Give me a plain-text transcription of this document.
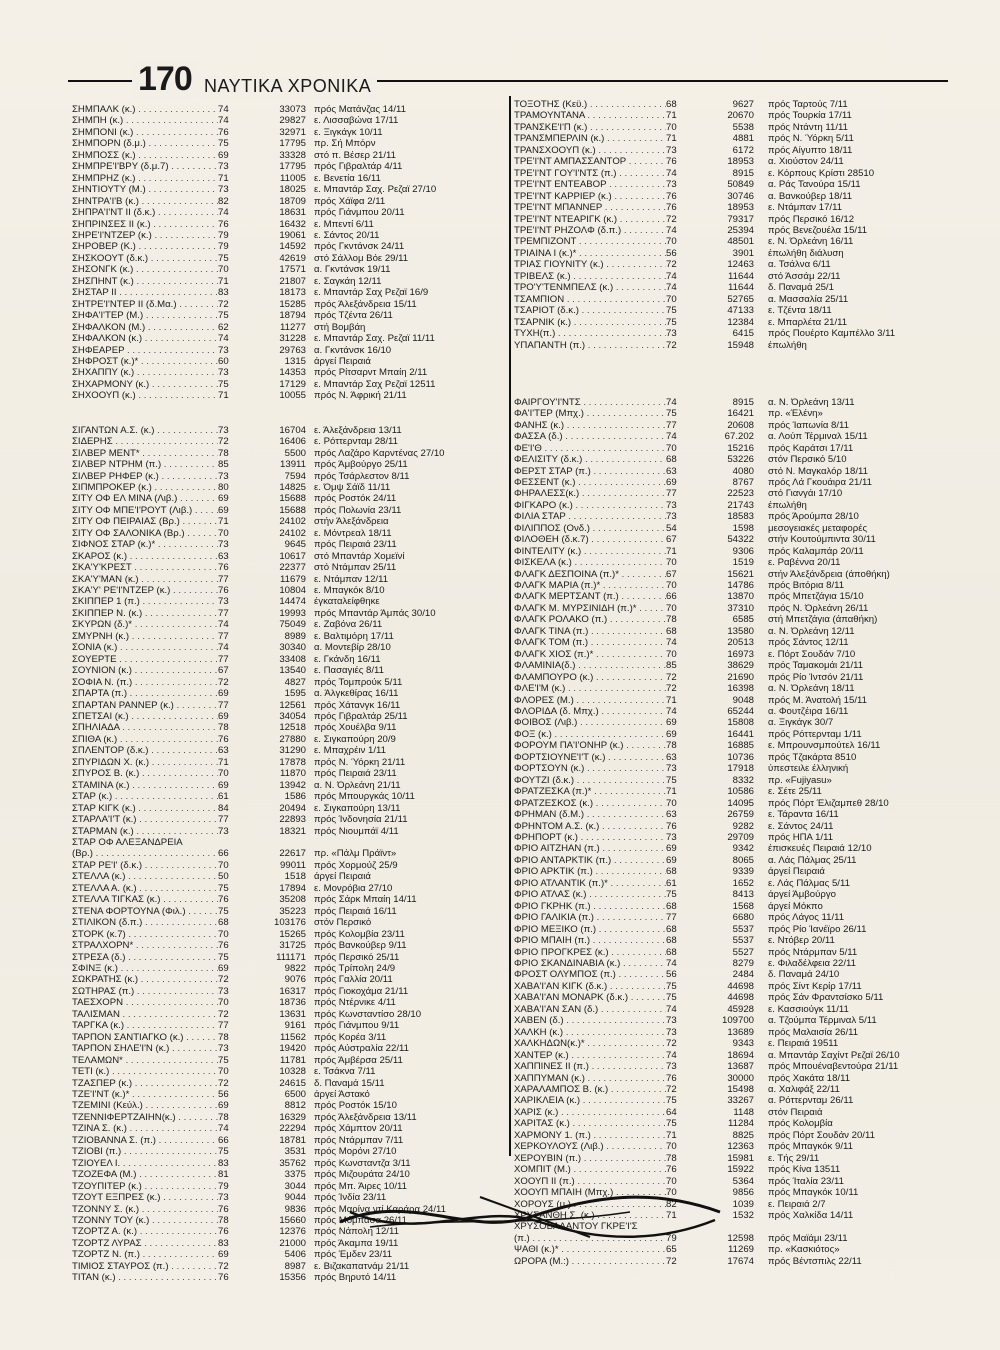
170 ΝΑΥΤΙΚΑ ΧΡΟΝΙΚΑ
ΣΗΜΠΑΛΚ (κ.) . . .	74	33073 πρός Ματάνζας 14/11
ΣΗΜΠΗ (κ.) . . .	74	29827 ε. Λισσαβώνα 17/11
ΣΗΜΠΟΝΙ (κ.) . . .	76	32971 ε. Ξιγκάγκ 10/11
ΣΗΜΠΟΡΝ (δ.μ.) . . .	75	17795 πρ. Σή Μπόρν
ΣΗΜΠΟΣΣ (κ.) . . .	69	33328 στό π. Βέσερ 21/11
ΣΗΜΠΡΕ'Ι'ΒΡΥ (δ.μ.7) . . .	73	17795 πρός Γιβραλτάρ 4/11
ΣΗΜΠΡΗΖ (κ.) . . .	71	11005 ε. Βενετία 16/11
ΣΗΝΤΙΟΥΤΥ (Μ.) . . .	73	18025 ε. Μπαντάρ Σαχ. Ρεζαϊ 27/10
ΣΗΝΤΡΑ'Ι'Β (κ.) . . .	82	18709 πρός Χάϊφα 2/11
ΣΗΠΡΑ'Ι'ΝΤ ΙΙ (δ.κ.) . . .	74	18631 πρός Γιάνμπου 20/11
ΣΗΠΡΙΝΣΕΣ ΙΙ (κ.) . . .	76	16432 ε. Μπεντί 6/11
ΣΗΡΕ'Ι'ΝΤΖΕΡ (κ.) . . .	79	19061 ε. Σάντος 20/11
ΣΗΡΟΒΕΡ (Κ.) . . .	79	14592 πρός Γκντάνσκ 24/11
ΣΗΣΚΟΟΥΤ (δ.κ.) . . .	75	42619 στό Σάλλομ Βόε 29/11
ΣΗΣΟΝΓΚ (κ.) . . .	70	17571 α. Γκντάνσκ 19/11
ΣΗΣΠΗΝΤ (κ.) . . .	71	21807 ε. Σαγκάη 12/11
ΣΗΣΤΑΡ ΙΙ . . .	83	18173 ε. Μπαντάρ Σαχ Ρεζαϊ 16/9
ΣΗΤΡΕ'Ι'ΝΤΕΡ ΙΙ (δ.Μα.) . . .	72	15285 πρός Άλεξάνδρεια 15/11
ΣΗΦΑ'Ι'ΤΕΡ (Μ.) . . .	75	18794 πρός Τζέντα 26/11
ΣΗΦΑΛΚΟΝ (Μ.) . . .	62	11277 στή Βομβάη
ΣΗΦΑΛΚΟΝ (κ.) . . .	74	31228 ε. Μπαντάρ Σαχ. Ρεζαϊ 11/11
ΣΗΦΕΑΡΕΡ . . .	73	29763 α. Γκντάνσκ 16/10
ΣΗΦΡΟΣΤ (κ.)* . . .	60	1315 άργεί Πειραιά
ΣΗΧΑΠΠΥ (κ.) . . .	73	14353 πρός Ρίτσαρντ Μπαίη 2/11
ΣΗΧΑΡΜΟΝΥ (κ.) . . .	75	17129 ε. Μπαντάρ Σαχ Ρεζαϊ 12511
ΣΗΧΟΟΥΠ (κ.) . . .	71	10055 πρός Ν. Άφρική 21/11
ΣΙΓΑΝΤΩΝ Α.Σ. (κ.) . . .	73	16704 ε. Άλεξάνδρεια 13/11
ΣΙΔΕΡΗΣ . . .	72	16406 ε. Ρόττερνταμ 28/11
ΣΙΛΒΕΡ ΜΕΝΤ* . . .	78	5500 πρός Λαζάρο Καρντένας 27/10
ΣΙΛΒΕΡ ΝΤΡΗΜ (π.) . . .	85	13911 πρός Άμβούργο 25/11
ΣΙΛΒΕΡ ΡΗΦΕΡ (κ.) . . .	73	7594 πρός Τσάρλεστον 8/11
ΣΙΠΜΠΡΟΚΕΡ (κ.) . . .	80	14825 ε. Όμψ Σάϊδ 11/11
ΣΙΤΥ ΟΦ ΕΛ ΜΙΝΑ (Λιβ.) . . .	69	15688 πρός Ροστόκ 24/11
ΣΙΤΥ ΟΦ ΜΠΕ'Ι'ΡΟΥΤ (Λιβ.) . . .	69	15688 πρός Πολωνία 23/11
ΣΙΤΥ ΟΦ ΠΕΙΡΑΙΑΣ (Βρ.) . . .	71	24102 στήν Άλεξάνδρεια
ΣΙΤΥ ΟΦ ΣΑΛΟΝΙΚΑ (Βρ.) . . .	70	24102 ε. Μόντρεαλ 18/11
ΣΙΦΝΟΣ ΣΤΑΡ (κ.)* . . .	73	9645 πρός Πειραιά 23/11
ΣΚΑΡΟΣ (κ.) . . .	63	10617 στό Μπαντάρ Χομεϊνί
ΣΚΑ'Υ'ΚΡΕΣΤ . . .	76	22377 στό Ντάμπαν 25/11
ΣΚΑ'Υ'ΜΑΝ (κ.) . . .	77	11679 ε. Ντάμπαν 12/11
ΣΚΑ'Υ' ΡΕ'Ι'ΝΤΖΕΡ (κ.) . . .	76	10804 ε. Μπαγκόκ 8/10
ΣΚΙΠΠΕΡ 1 (π.) . . .	73	14474 έγκαταλείφθηκε
ΣΚΙΠΠΕΡ Ν. (κ.) . . .	77	19993 πρός Μπαντάρ Άμπάς 30/10
ΣΚΥΡΩΝ (δ.)* . . .	74	75049 ε. Ζαβόνα 26/11
ΣΜΥΡΝΗ (κ.) . . .	77	8989 ε. Βαλτιμόρη 17/11
ΣΟΝΙΑ (κ.) . . .	74	30340 α. Μοντεβίρ 28/10
ΣΟΥΕΡΤΕ . . .	77	33408 ε. Γκάνδη 16/11
ΣΟΥΝΙΟΝ (κ.) . . .	67	13540 ε. Πασαγιές 8/11
ΣΟΦΙΑ Ν. (π.) . . .	72	4827 πρός Τομπρούκ 5/11
ΣΠΑΡΤΑ (π.) . . .	69	1595 α. Άλγκεθίρας 16/11
ΣΠΑΡΤΑΝ ΡΑΝΝΕΡ (κ.) . . .	77	12561 πρός Χάτανγκ 16/11
ΣΠΕΤΣΑΙ (κ.) . . .	69	34054 πρός Γιβραλτάρ 25/11
ΣΠΗΛΙΑΔΑ . . .	78	12518 πρός Χουέλβα 9/11
ΣΠΙΘΑ (κ.) . . .	76	27880 ε. Σιγκαπούρη 20/9
ΣΠΛΕΝΤΟΡ (δ.κ.) . . .	63	31290 ε. Μπαχρέιν 1/11
ΣΠΥΡΙΔΩΝ Χ. (κ.) . . .	71	17878 πρός Ν. Ύόρκη 21/11
ΣΠΥΡΟΣ Β. (κ.) . . .	70	11870 πρός Πειραιά 23/11
ΣΤΑΜΙΝΑ (κ.) . . .	69	13942 α. Ν. Όρλεάνη 21/11
ΣΤΑΡ (κ.) . . .	61	1586 πρός Μπουργκάς 10/11
ΣΤΑΡ ΚΙΓΚ (κ.) . . .	84	20494 ε. Σιγκαπούρη 13/11
ΣΤΑΡΛΑ'Ι'Τ (κ.) . . .	77	22893 πρός Ίνδονησία 21/11
ΣΤΑΡΜΑΝ (κ.) . . .	73	18321 πρός Νιουμπάϊ 4/11
ΣΤΑΡ ΟΦ ΑΛΕΞΑΝΔΡΕΙΑ
(Βρ.) . . .	66	22617 πρ. «Πάλμ Πράϊντ»
ΣΤΑΡ ΡΕ'Ι' (δ.κ.) . . .	70	99011 πρός Χορμούζ 25/9
ΣΤΕΛΛΑ (κ.) . . .	50	1518 άργεί Πειραιά
ΣΤΕΛΛΑ Α. (κ.) . . .	75	17894 ε. Μονρόβια 27/10
ΣΤΕΛΛΑ ΤΙΓΚΑΣ (κ.) . . .	76	35208 πρός Σάρκ Μπαίη 14/11
ΣΤΕΝΑ ΦΟΡΤΟΥΝΑ (Φιλ.) . . .	75	35223 πρός Πειραιά 16/11
ΣΤΙΛΙΚΟΝ (δ.π.) . . .	68	103176 στόν Περσικό
ΣΤΟΡΚ (κ.7) . . .	70	15265 πρός Κολομβία 23/11
ΣΤΡΑΛΧΟΡΝ* . . .	76	31725 πρός Βανκούβερ 9/11
ΣΤΡΕΣΑ (δ.) . . .	75	111171 πρός Περσικό 25/11
ΣΦΙΝΞ (κ.) . . .	69	9822 πρός Τρίπολη 24/9
ΣΩΚΡΑΤΗΣ (κ.) . . .	72	9076 πρός Γαλλία 20/11
ΣΩΤΗΡΑΣ (π.) . . .	73	16317 πρός Γιοκοχάμα 21/11
ΤΑΕΣΧΟΡΝ . . .	70	18736 πρός Ντέρνικε 4/11
ΤΑΛΙΣΜΑΝ . . .	72	13631 πρός Κωνσταντίσο 28/10
ΤΑΡΓΚΑ (κ.) . . .	77	9161 πρός Γιάνμπου 9/11
ΤΑΡΠΟΝ ΣΑΝΤΙΑΓΚΟ (κ.) . . .	78	11562 πρός Κορέα 3/11
ΤΑΡΠΟΝ ΣΗΛΕ'Ι'Ν (κ.) . . .	73	19420 πρός Αύστραλία 22/11
ΤΕΛΑΜΩΝ* . . .	75	11781 πρός Άμβέρσα 25/11
ΤΕΤΙ (κ.) . . .	70	10328 ε. Τσάκνα 7/11
ΤΖΑΣΠΕΡ (κ.) . . .	72	24615 δ. Παναμά 15/11
ΤΖΕ'Ι'ΝΤ (κ.)* . . .	56	6500 άργεί Άστακό
ΤΖΕΜΙΝΙ (Κεύλ.) . . .	69	8812 πρός Ροστόκ 15/10
ΤΖΕΝΝΙΦΕΡΤΖΑΙΗΝ(κ.) . . .	78	16329 πρός Άλεξάνδρεια 13/11
ΤΖΙΝΑ Σ. (κ.) . . .	74	22294 πρός Χάμπτον 20/11
ΤΖΙΟΒΑΝΝΑ Σ. (π.) . . .	66	18781 πρός Ντάρμπαν 7/11
ΤΖΙΟΒΙ (π.) . . .	75	3531 πρός Μορόνι 27/10
ΤΖΙΟΥΕΛ Ι. . . .	83	35762 πρός Κωνσταντζα 3/11
ΤΖΟΖΕΦΑ (Μ.) . . .	81	3375 πρός Μιζουράτα 24/10
ΤΖΟΥΠΙΤΕΡ (κ.) . . .	79	3044 πρός Μπ. Άιρες 10/11
ΤΖΟΥΤ ΕΞΠΡΕΣ (κ.) . . .	73	9044 πρός Ίνδία 23/11
ΤΖΟΝΝΥ Σ. (κ.) . . .	76	9836 πρός Μαρίνα ντί Καράρα 24/11
ΤΖΟΝΝΥ ΤΟΥ (κ.) . . .	78	15660 πρός Μόμπάσα 26/11
ΤΖΟΡΤΖ Α. (κ.) . . .	76	12376 πρός Νάπολη 12/11
ΤΖΟΡΤΖ ΛΥΡΑΣ . . .	83	21000 πρός Άκαμπα 19/11
ΤΖΟΡΤΖ Ν. (π.) . . .	69	5406 πρός Έμδεν 23/11
ΤΙΜΙΟΣ ΣΤΑΥΡΟΣ (π.) . . .	72	8987 ε. Βιζακαπατνάμ 21/11
ΤΙΤΑΝ (κ.) . . .	76	15356 πρός Βηρυτό 14/11
ΤΟΞΟΤΗΣ (Κεϋ.) . . .	68	9627	πρός Ταρτούς 7/11
ΤΡΑΜΟΥΝΤΑΝΑ . . .	71	20670	πρός Τουρκία 17/11
ΤΡΑΝΣΚΕ'Ι'Π (κ.) . . .	70	5538	πρός Ντάντη 11/11
ΤΡΑΝΣΜΠΕΡΛΙΝ (κ.) . . .	71	4881	πρός Ν. Ύόρκη 5/11
ΤΡΑΝΣΧΟΟΥΠ (κ.) . . .	73	6172	πρός Αίγυπτο 18/11
ΤΡΕ'Ι'ΝΤ ΑΜΠΑΣΣΑΝΤΟΡ . . .	76	18953	α. Χιούστον 24/11
ΤΡΕ'Ι'ΝΤ ΓΟΥ'Ι'ΝΤΣ (π.) . . .	74	8915	ε. Κόρπους Κρίστι 28510
ΤΡΕ'Ι'ΝΤ ΕΝΤΕΑΒΟΡ . . .	73	50849	α. Ράς Τανούρα 15/11
ΤΡΕ'Ι'ΝΤ ΚΑΡΡΙΕΡ (κ.) . . .	76	30746	α. Βανκούβερ 18/11
ΤΡΕ'Ι'ΝΤ ΜΠΑΝΝΕΡ . . .	76	18953	ε. Ντάμπαν 17/11
ΤΡΕ'Ι'ΝΤ ΝΤΕΑΡΙΓΚ (κ.) . . .	72	79317	πρός Περσικό 16/12
ΤΡΕ'Ι'ΝΤ ΡΗΖΟΛΦ (δ.π.) . . .	74	25394	πρός Βενεζουέλα 15/11
ΤΡΕΜΠΙΖΟΝΤ . . .	70	48501	ε. Ν. Όρλεάνη 16/11
ΤΡΙΑΙΝΑ Ι (κ.)* . . .	56	3901	έπωλήθη διάλυση
ΤΡΙΑΣ ΓΙΟΥΝΙΤΥ (κ.) . . .	72	12463	α. Τσάλνα 6/11
ΤΡΙΒΕΛΣ (κ.) . . .	74	11644	στό Άσσάμ 22/11
ΤΡΟ'Υ'ΤΕΝΜΠΕΛΣ (κ.) . . .	74	11644	δ. Παναμά 25/1
ΤΣΑΜΠΙΟΝ . . .	70	52765	α. Μασσαλία 25/11
ΤΣΑΡΙΟΤ (δ.κ.) . . .	75	47133	ε. Τζέντα 18/11
ΤΣΑΡΝΙΚ (κ.) . . .	75	12384	ε. Μπαρλέτα 21/11
ΤΥΧΗ(π.) . . .	73	6415	πρός Πουέρτο Καμπέλλο 3/11
ΥΠΑΠΑΝΤΗ (π.) . . .	72	15948	έπωλήθη
ΦΑΙΡΓΟΥ'Ι'ΝΤΣ . . .	74	8915	α. Ν. Όρλεάνη 13/11
ΦΑ'Ι'ΤΕΡ (Μπχ.) . . .	75	16421	πρ. «Έλένη»
ΦΑΝΗΣ (κ.) . . .	77	20608	πρός Ίαπωνία 8/11
ΦΑΣΣΑ (δ.) . . .	74	67.202	α. Λούπ Τέρμιναλ 15/11
ΦΕ'Ι'Θ . . .	70	15216	πρός Καράτσι 17/11
ΦΕΛΙΣΙΤΥ (δ.κ.) . . .	68	53226	στόν Περσικό 5/10
ΦΕΡΣΤ ΣΤΑΡ (π.) . . .	63	4080	στό Ν. Μαγκαλόρ 18/11
ΦΕΣΣΕΝΤ (κ.) . . .	69	8767	πρός Λά Γκουάιρα 21/11
ΦΗΡΑΛΕΣΣ(κ.) . . .	77	22523	στό Γιανγάι 17/10
ΦΙΓΚΑΡΟ (κ.) . . .	73	21743	έπωλήθη
ΦΙΛΙΑ ΣΤΑΡ . . .	73	18583	πρός Άρούμπα 28/10
ΦΙΛΙΠΠΟΣ (Ονδ.) . . .	54	1598	μεσογειακές μεταφορές
ΦΙΛΟΘΕΗ (δ.κ.7) . . .	67	54322	στήν Κουτούμπιντα 30/11
ΦΙΝΤΕΛΙΤΥ (κ.) . . .	71	9306	πρός Καλαμπάρ 20/11
ΦΙΣΚΕΛΑ (κ.) . . .	70	1519	ε. Ραβέννα 20/11
ΦΛΑΓΚ ΔΕΣΠΟΙΝΑ (π.)* . . .	67	15621	στήν Άλεξάνδρεια (άποθήκη)
ΦΛΑΓΚ ΜΑΡΙΑ (π.)* . . .	70	14786	πρός Βιτόρια 8/11
ΦΛΑΓΚ ΜΕΡΤΣΑΝΤ (π.) . . .	66	13870	πρός Μπετζάγια 15/10
ΦΛΑΓΚ Μ. ΜΥΡΣΙΝΙΔΗ (π.)* . . .	70	37310	πρός Ν. Όρλεάνη 26/11
ΦΛΑΓΚ ΡΟΛΑΚΟ (π.) . . .	78	6585	στή Μπετζάγια (άπαθήκη)
ΦΛΑΓΚ ΤΙΝΑ (π.) . . .	68	13580	α. Ν. Όρλεάνη 12/11
ΦΛΑΓΚ ΤΟΜ (π.) . . .	74	20513	πρός Σάντος 12/11
ΦΛΑΓΚ ΧΙΟΣ (π.)* . . .	70	16973	ε. Πόρτ Σουδάν 7/10
ΦΛΑΜΙΝΙΑ(δ.) . . .	85	38629	πρός Ταμακομάι 21/11
ΦΛΑΜΠΟΥΡΟ (κ.) . . .	72	21690	πρός Ρίο Ίντσόν 21/11
ΦΛΕ'Ι'Μ (κ.) . . .	72	16398	α. Ν. Όρλεάνη 18/11
ΦΛΟΡΕΣ (Μ.) . . .	71	9048	πρός Μ. Άνατολή 15/11
ΦΛΟΡΙΔΑ (δ. Μπχ.) . . .	74	65244	α. Φουτζέιρα 16/11
ΦΟΙΒΟΣ (Λιβ.) . . .	69	15808	α. Ξιγκάγκ 30/7
ΦΟΞ (κ.) . . .	69	16441	πρός Ρόττερνταμ 1/11
ΦΟΡΟΥΜ ΠΑ'Ι'ΟΝΗΡ (κ.) . . .	78	16885	ε. Μπρουνσμπούτελ 16/11
ΦΟΡΤΣΙΟΥΝΕ'Ι'Τ (κ.) . . .	63	10736	πρός Τζακάρτα 8510
ΦΟΡΤΣΟΥΝ (κ.) . . .	73	17918	ύπεστειλε έλληνική
ΦΟΥΤΖΙ (δ.κ.) . . .	75	8332	πρ. «Fujiyasu»
ΦΡΑΤΖΕΣΚΑ (π.)* . . .	71	10586	ε. Σέτε 25/11
ΦΡΑΤΖΕΣΚΟΣ (κ.) . . .	70	14095	πρός Πόρτ Έλιζαμπεθ 28/10
ΦΡΗΜΑΝ (δ.Μ.) . . .	63	26759	ε. Τάραντα 16/11
ΦΡΗΝΤΟΜ Α.Σ. (κ.) . . .	76	9282	ε. Σάντος 24/11
ΦΡΗΠΟΡΤ (κ.) . . .	73	29709	πρός ΗΠΑ 1/11
ΦΡΙΟ ΑΙΤΖΗΑΝ (π.) . . .	69	9342	έπισκευές Πειραιά 12/10
ΦΡΙΟ ΑΝΤΑΡΚΤΙΚ (π.) . . .	69	8065	α. Λάς Πάλμας 25/11
ΦΡΙΟ ΑΡΚΤΙΚ (π.) . . .	68	9339	άργεί Πειραιά
ΦΡΙΟ ΑΤΛΑΝΤΙΚ (π.)* . . .	61	1652	ε. Λάς Πάλμας 5/11
ΦΡΙΟ ΑΤΛΑΣ (κ.) . . .	75	8413	άργεί Άμβούργο
ΦΡΙΟ ΓΚΡΗΚ (π.) . . .	68	1568	άργεί Μόκπο
ΦΡΙΟ ΓΑΛΙΚΙΑ (π.) . . .	77	6680	πρός Λάγος 11/11
ΦΡΙΟ ΜΕΞΙΚΟ (π.) . . .	68	5537	πρός Ρίο Ίανέϊρο 26/11
ΦΡΙΟ ΜΠΑΙΗ (π.) . . .	68	5537	ε. Ντόβερ 20/11
ΦΡΙΟ ΠΡΟΓΚΡΕΣ (κ.) . . .	68	5527	πρός Ντάρμπαν 5/11
ΦΡΙΟ ΣΚΑΝΔΙΝΑΒΙΑ (κ.) . . .	74	8279	ε. Φιλαδέλφεια 22/11
ΦΡΟΣΤ ΟΛΥΜΠΟΣ (π.) . . .	56	2484	δ. Παναμά 24/10
ΧΑΒΑ'Ι'ΑΝ ΚΙΓΚ (δ.κ.) . . .	75	44698	πρός Σίντ Κερίρ 17/11
ΧΑΒΑ'Ι'ΑΝ ΜΟΝΑΡΚ (δ.κ.) . . .	75	44698	πρός Σάν Φραντσίσκο 5/11
ΧΑΒΑ'Ι'ΑΝ ΣΑΝ (δ.) . . .	74	45928	ε. Κασσιούγκ 11/11
ΧΑΒΕΝ (δ.) . . .	73	109700	α. Τζούμπα Τέρμιναλ 5/11
ΧΑΛΚΗ (κ.) . . .	73	13689	πρός Μαλαισία 26/11
ΧΑΛΚΗΔΩΝ(κ.)* . . .	72	9343	ε. Πειραιά 19511
ΧΑΝΤΕΡ (κ.) . . .	74	18694	α. Μπαντάρ Σαχίντ Ρεζαϊ 26/10
ΧΑΠΠΙΝΕΣ ΙΙ (π.) . . .	73	13687	πρός Μπουέναβεντούρα 21/11
ΧΑΠΠΥΜΑΝ (κ.) . . .	76	30000	πρός Χακάτα 18/11
ΧΑΡΑΛΑΜΠΟΣ Β. (κ.) . . .	72	15498	α. Χαλιφάξ 22/11
ΧΑΡΙΚΛΕΙΑ (κ.) . . .	75	33267	α. Ρόττερνταμ 26/11
ΧΑΡΙΣ (κ.) . . .	64	1148	στόν Πειραιά
ΧΑΡΙΤΑΣ (κ.) . . .	75	11284	πρός Κολομβία
ΧΑΡΜΟΝΥ 1. (π.) . . .	71	8825	πρός Πόρτ Σουδάν 20/11
ΧΕΡΚΟΥΛΟΥΣ (Λιβ.) . . .	70	12363	πρός Μπαγκόκ 9/11
ΧΕΡΟΥΒΙΝ (π.) . . .	78	15981	ε. Τής 29/11
ΧΟΜΠΙΤ (Μ.) . . .	76	15922	πρός Κίνα 13511
ΧΟΟΥΠ ΙΙ (π.) . . .	70	5364	πρός Ίταλία 23/11
ΧΟΟΥΠ ΜΠΑΙΗ (Μπχ.) . . .	70	9856	πρός Μπαγκόκ 10/11
ΧΟΡΟΥΣ (μ.) . . .	82	1039	ε. Πειραιά 2/7
ΧΡΥΣΑΝΘΗ Σ. (κ.) . . .	71	1532	πρός Χαλκίδα 14/11
ΧΡΥΣΟΒΑΛΑΝΤΟΥ ΓΚΡΕ'Ι'Σ
(π.) . . .	79	12598	πρός Μαϊάμι 23/11
ΨΑΘΙ (κ.)* . . .	65	11269	πρ. «Κασκιότος»
ΩΡΟΡΑ (Μ.:) . . .	72	17674	πρός Βέντσπιλς 22/11
